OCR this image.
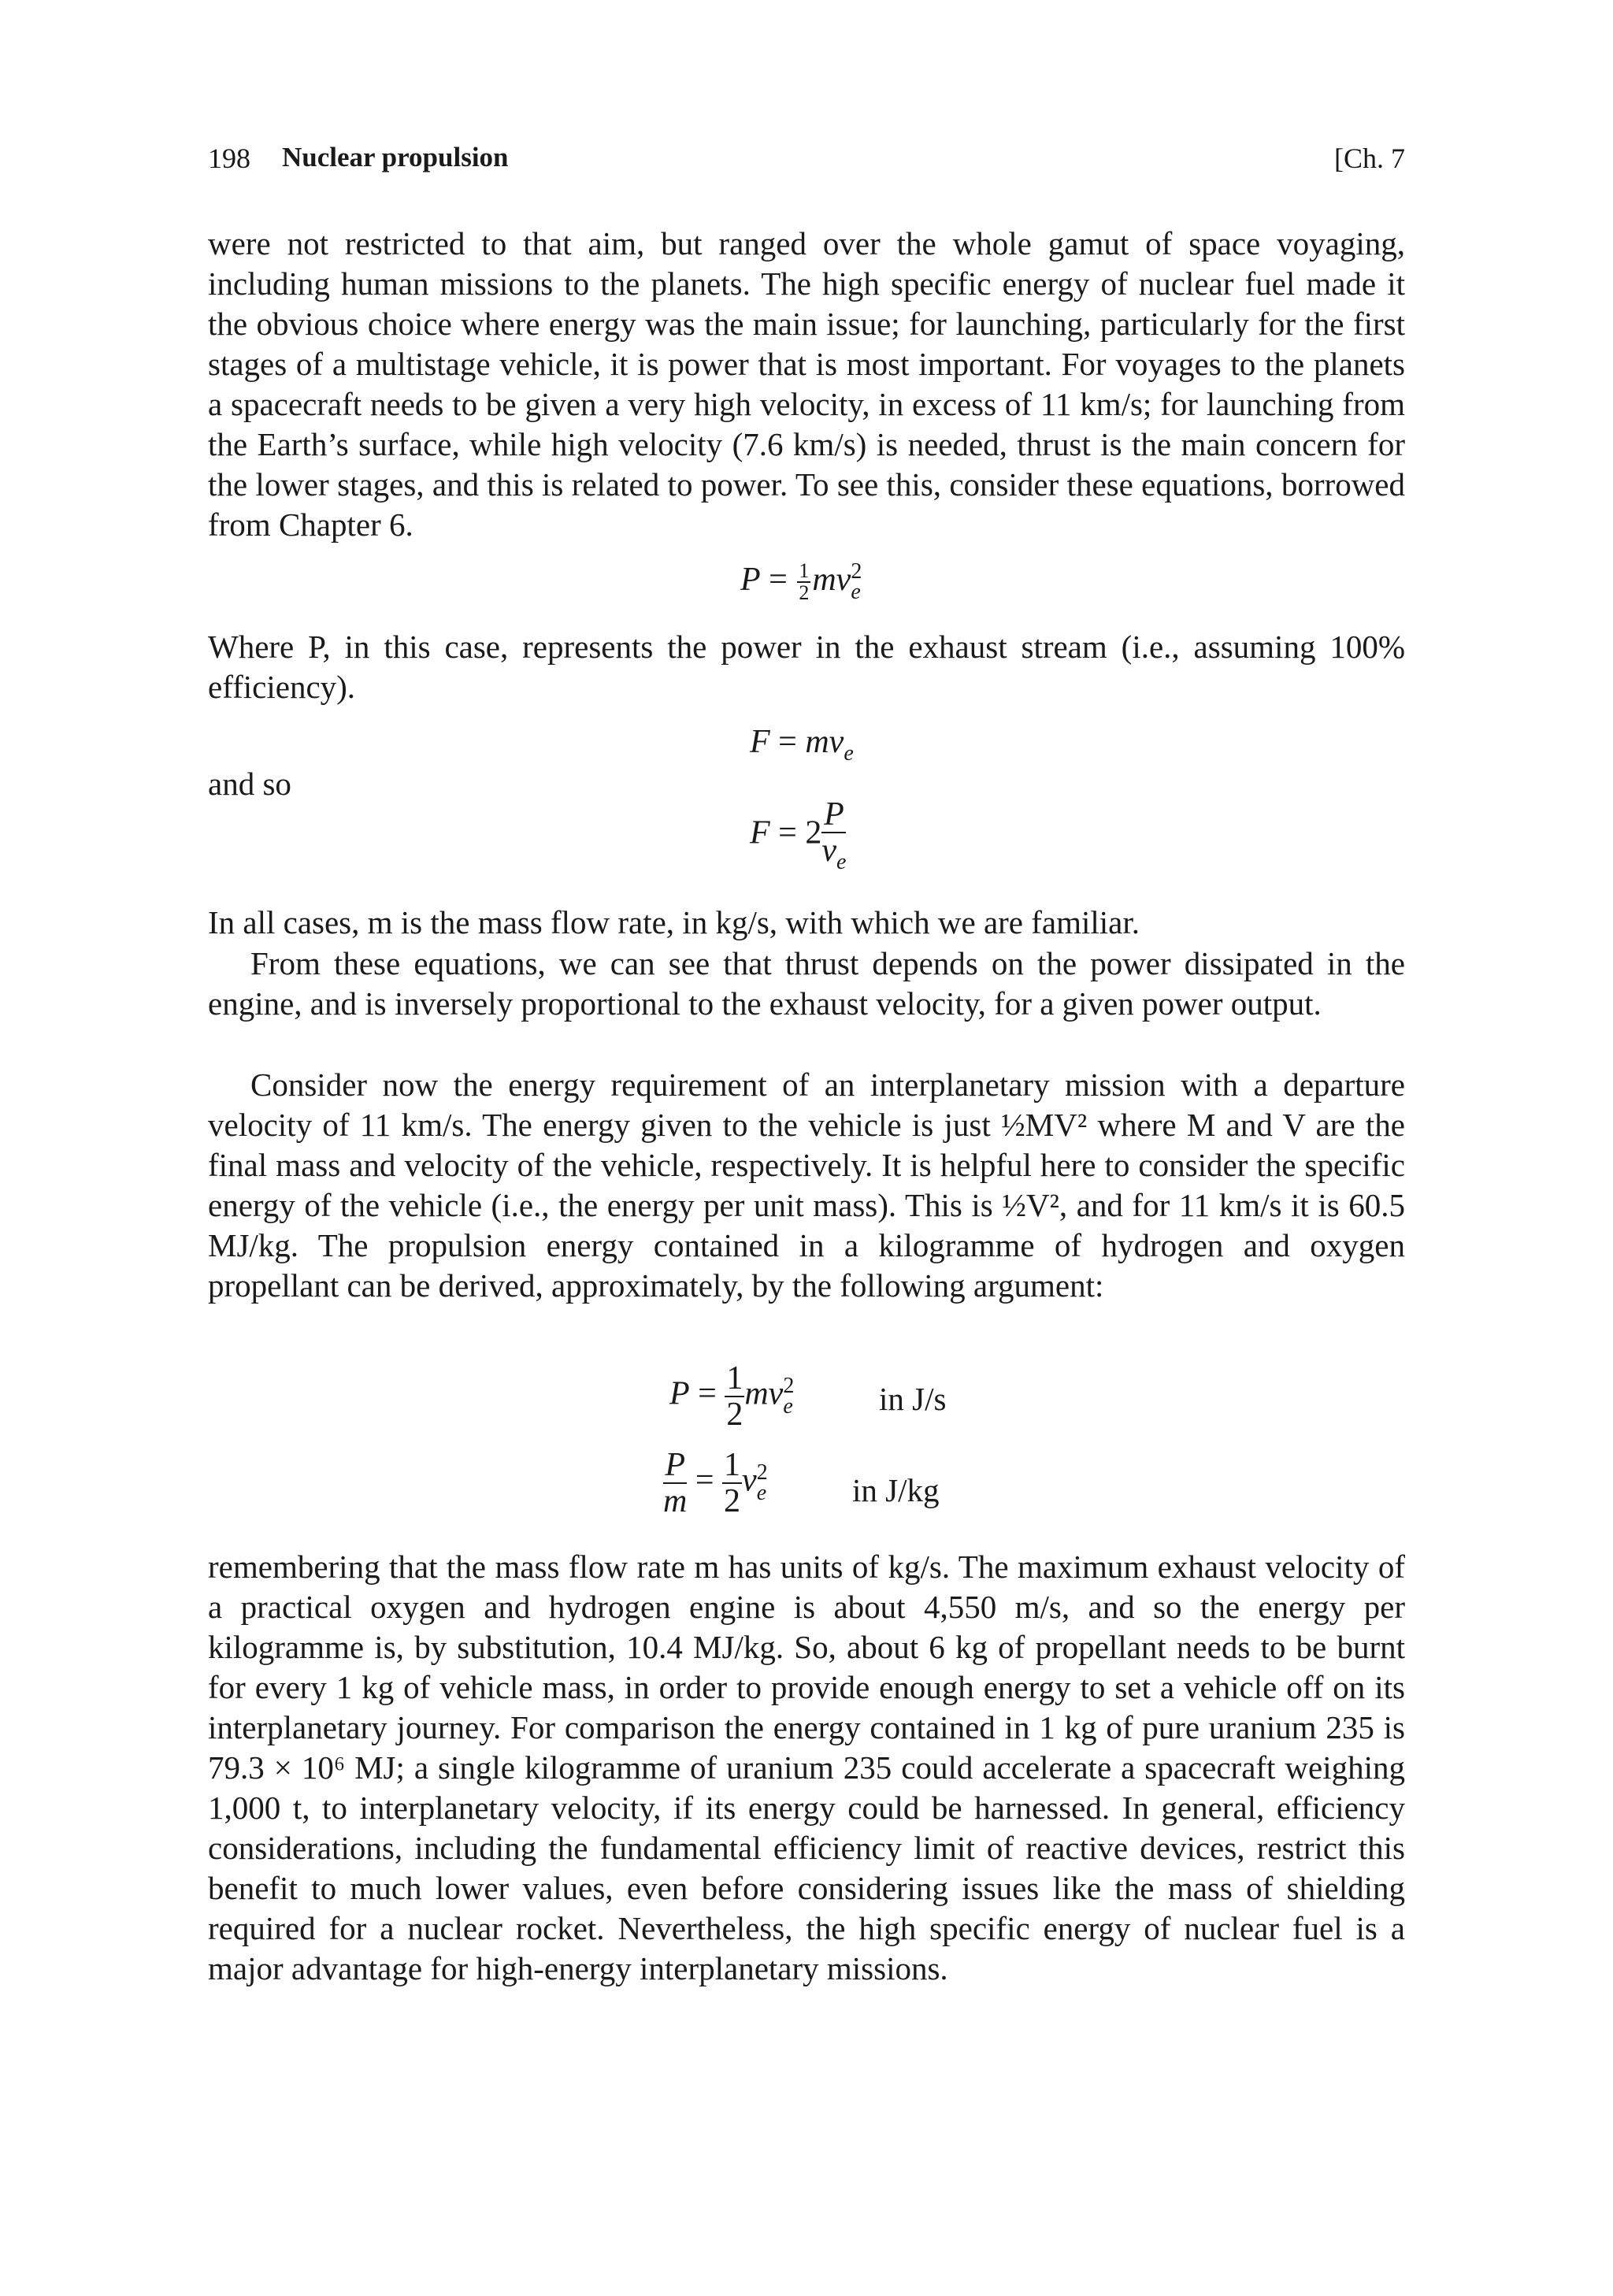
198 Nuclear propulsion	[Ch. 7

were not restricted to that aim, but ranged over the whole gamut of space voyaging, including human missions to the planets. The high specific energy of nuclear fuel made it the obvious choice where energy was the main issue; for launching, particularly for the first stages of a multistage vehicle, it is power that is most important. For voyages to the planets a spacecraft needs to be given a very high velocity, in excess of 11 km/s; for launching from the Earth’s surface, while high velocity (7.6 km/s) is needed, thrust is the main concern for the lower stages, and this is related to power. To see this, consider these equations, borrowed from Chapter 6.

$P = \frac{1}{2}$ mv 2
e

Where P, in this case, represents the power in the exhaust stream (i.e., assuming 100% efficiency).

$F = mv_e$

and so

$F = 2 \frac{P}{v_e}$

In all cases, m is the mass flow rate, in kg/s, with which we are familiar.

From these equations, we can see that thrust depends on the power dissipated in the engine, and is inversely proportional to the exhaust velocity, for a given power output.

Consider now the energy requirement of an interplanetary mission with a departure velocity of 11 km/s. The energy given to the vehicle is just ½MV² where M and V are the final mass and velocity of the vehicle, respectively. It is helpful here to consider the specific energy of the vehicle (i.e., the energy per unit mass). This is ½V², and for 11 km/s it is 60.5 MJ/kg. The propulsion energy contained in a kilogramme of hydrogen and oxygen propellant can be derived, approximately, by the following argument:

$P = \frac{1}{2}$ mv 2
e	in J/s
$\frac{P}{m} = \frac{1}{2}$ v 2
e	in J/kg

remembering that the mass flow rate m has units of kg/s. The maximum exhaust velocity of a practical oxygen and hydrogen engine is about 4,550 m/s, and so the energy per kilogramme is, by substitution, 10.4 MJ/kg. So, about 6 kg of propellant needs to be burnt for every 1 kg of vehicle mass, in order to provide enough energy to set a vehicle off on its interplanetary journey. For comparison the energy contained in 1 kg of pure uranium 235 is 79.3 × 10⁶ MJ; a single kilogramme of uranium 235 could accelerate a spacecraft weighing 1,000 t, to interplanetary velocity, if its energy could be harnessed. In general, efficiency considerations, including the fundamental efficiency limit of reactive devices, restrict this benefit to much lower values, even before considering issues like the mass of shielding required for a nuclear rocket. Nevertheless, the high specific energy of nuclear fuel is a major advantage for high-energy interplanetary missions.
